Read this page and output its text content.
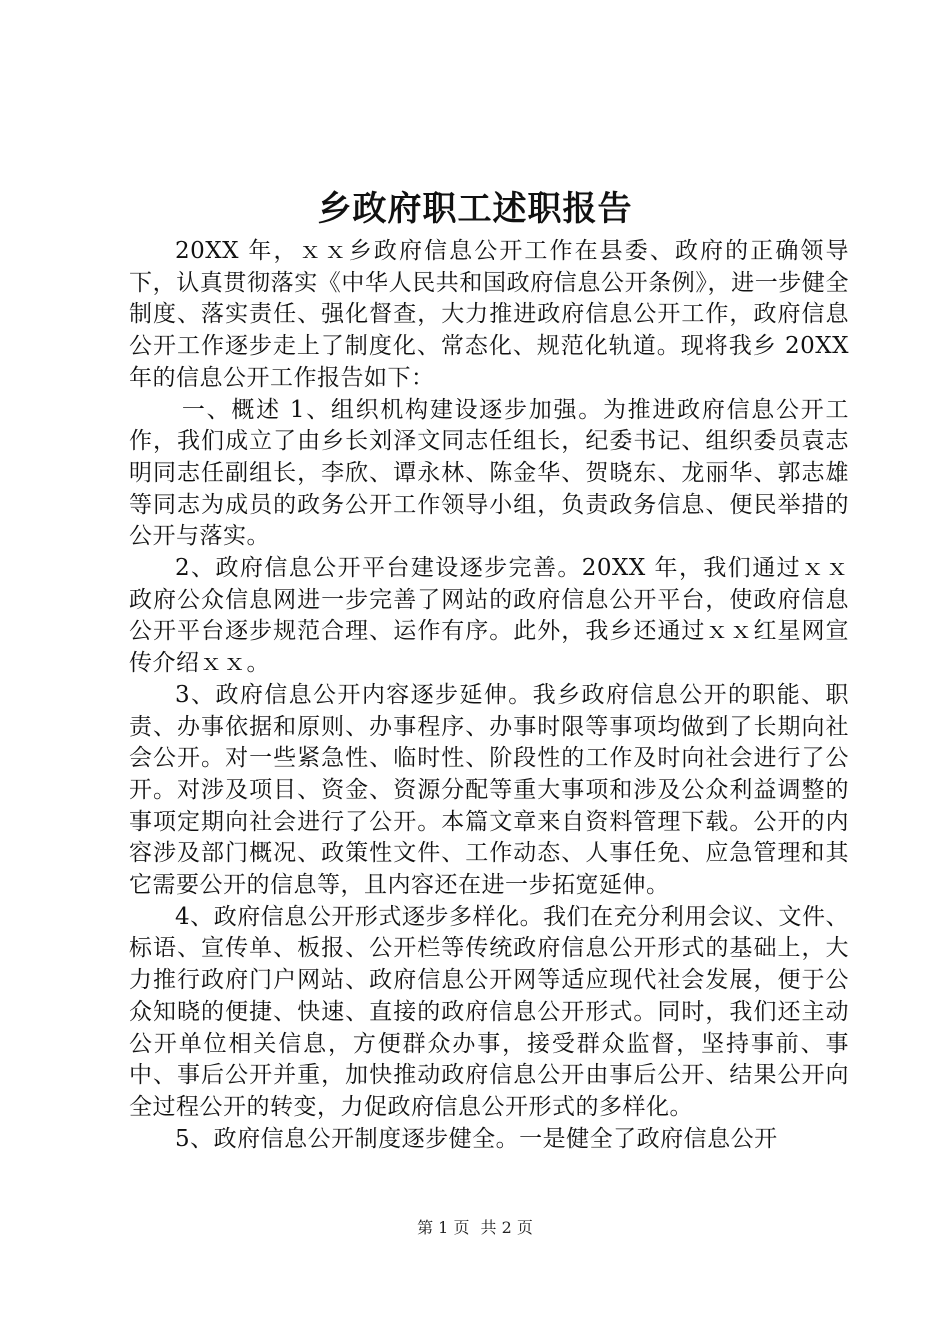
乡政府职工述职报告

20XX 年，ｘｘ乡政府信息公开工作在县委、政府的正确领导下，认真贯彻落实《中华人民共和国政府信息公开条例》，进一步健全制度、落实责任、强化督查，大力推进政府信息公开工作，政府信息公开工作逐步走上了制度化、常态化、规范化轨道。现将我乡 20XX 年的信息公开工作报告如下：

一、概述 1、组织机构建设逐步加强。为推进政府信息公开工作，我们成立了由乡长刘泽文同志任组长，纪委书记、组织委员袁志明同志任副组长，李欣、谭永林、陈金华、贺晓东、龙丽华、郭志雄等同志为成员的政务公开工作领导小组，负责政务信息、便民举措的公开与落实。

2、政府信息公开平台建设逐步完善。20XX 年，我们通过ｘｘ政府公众信息网进一步完善了网站的政府信息公开平台，使政府信息公开平台逐步规范合理、运作有序。此外，我乡还通过ｘｘ红星网宣传介绍ｘｘ。

3、政府信息公开内容逐步延伸。我乡政府信息公开的职能、职责、办事依据和原则、办事程序、办事时限等事项均做到了长期向社会公开。对一些紧急性、临时性、阶段性的工作及时向社会进行了公开。对涉及项目、资金、资源分配等重大事项和涉及公众利益调整的事项定期向社会进行了公开。本篇文章来自资料管理下载。公开的内容涉及部门概况、政策性文件、工作动态、人事任免、应急管理和其它需要公开的信息等，且内容还在进一步拓宽延伸。

4、政府信息公开形式逐步多样化。我们在充分利用会议、文件、标语、宣传单、板报、公开栏等传统政府信息公开形式的基础上，大力推行政府门户网站、政府信息公开网等适应现代社会发展，便于公众知晓的便捷、快速、直接的政府信息公开形式。同时，我们还主动公开单位相关信息，方便群众办事，接受群众监督，坚持事前、事中、事后公开并重，加快推动政府信息公开由事后公开、结果公开向全过程公开的转变，力促政府信息公开形式的多样化。

5、政府信息公开制度逐步健全。一是健全了政府信息公开

第 1 页 共 2 页
